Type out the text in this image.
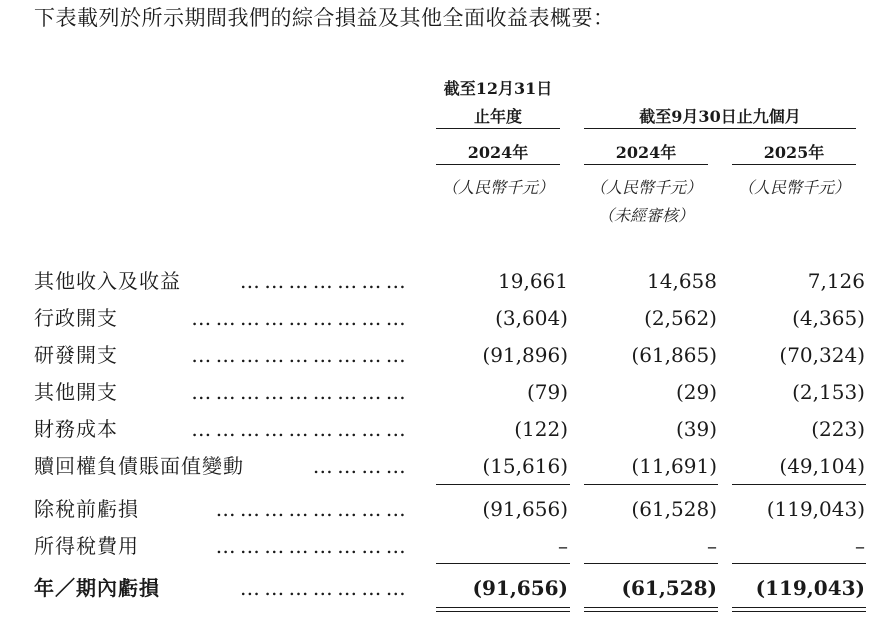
下表載列於所示期間我們的綜合損益及其他全面收益表概要：
截至12月31日
止年度	截至9月30日止九個月
2024年	2024年	2025年
（人民幣千元）	（人民幣千元）	（人民幣千元）
（未經審核）
其他收入及收益	…………………	19,661	14,658	7,126
行政開支	………………………	(3,604)	(2,562)	(4,365)
研發開支	………………………	(91,896)	(61,865)	(70,324)
其他開支	………………………	(79)	(29)	(2,153)
財務成本	………………………	(122)	(39)	(223)
贖回權負債賬面值變動	…………	(15,616)	(11,691)	(49,104)
除稅前虧損	……………………	(91,656)	(61,528) (119,043)
所得稅費用	……………………	–	–	–
年／期內虧損	…………………	(91,656)	(61,528) (119,043)
